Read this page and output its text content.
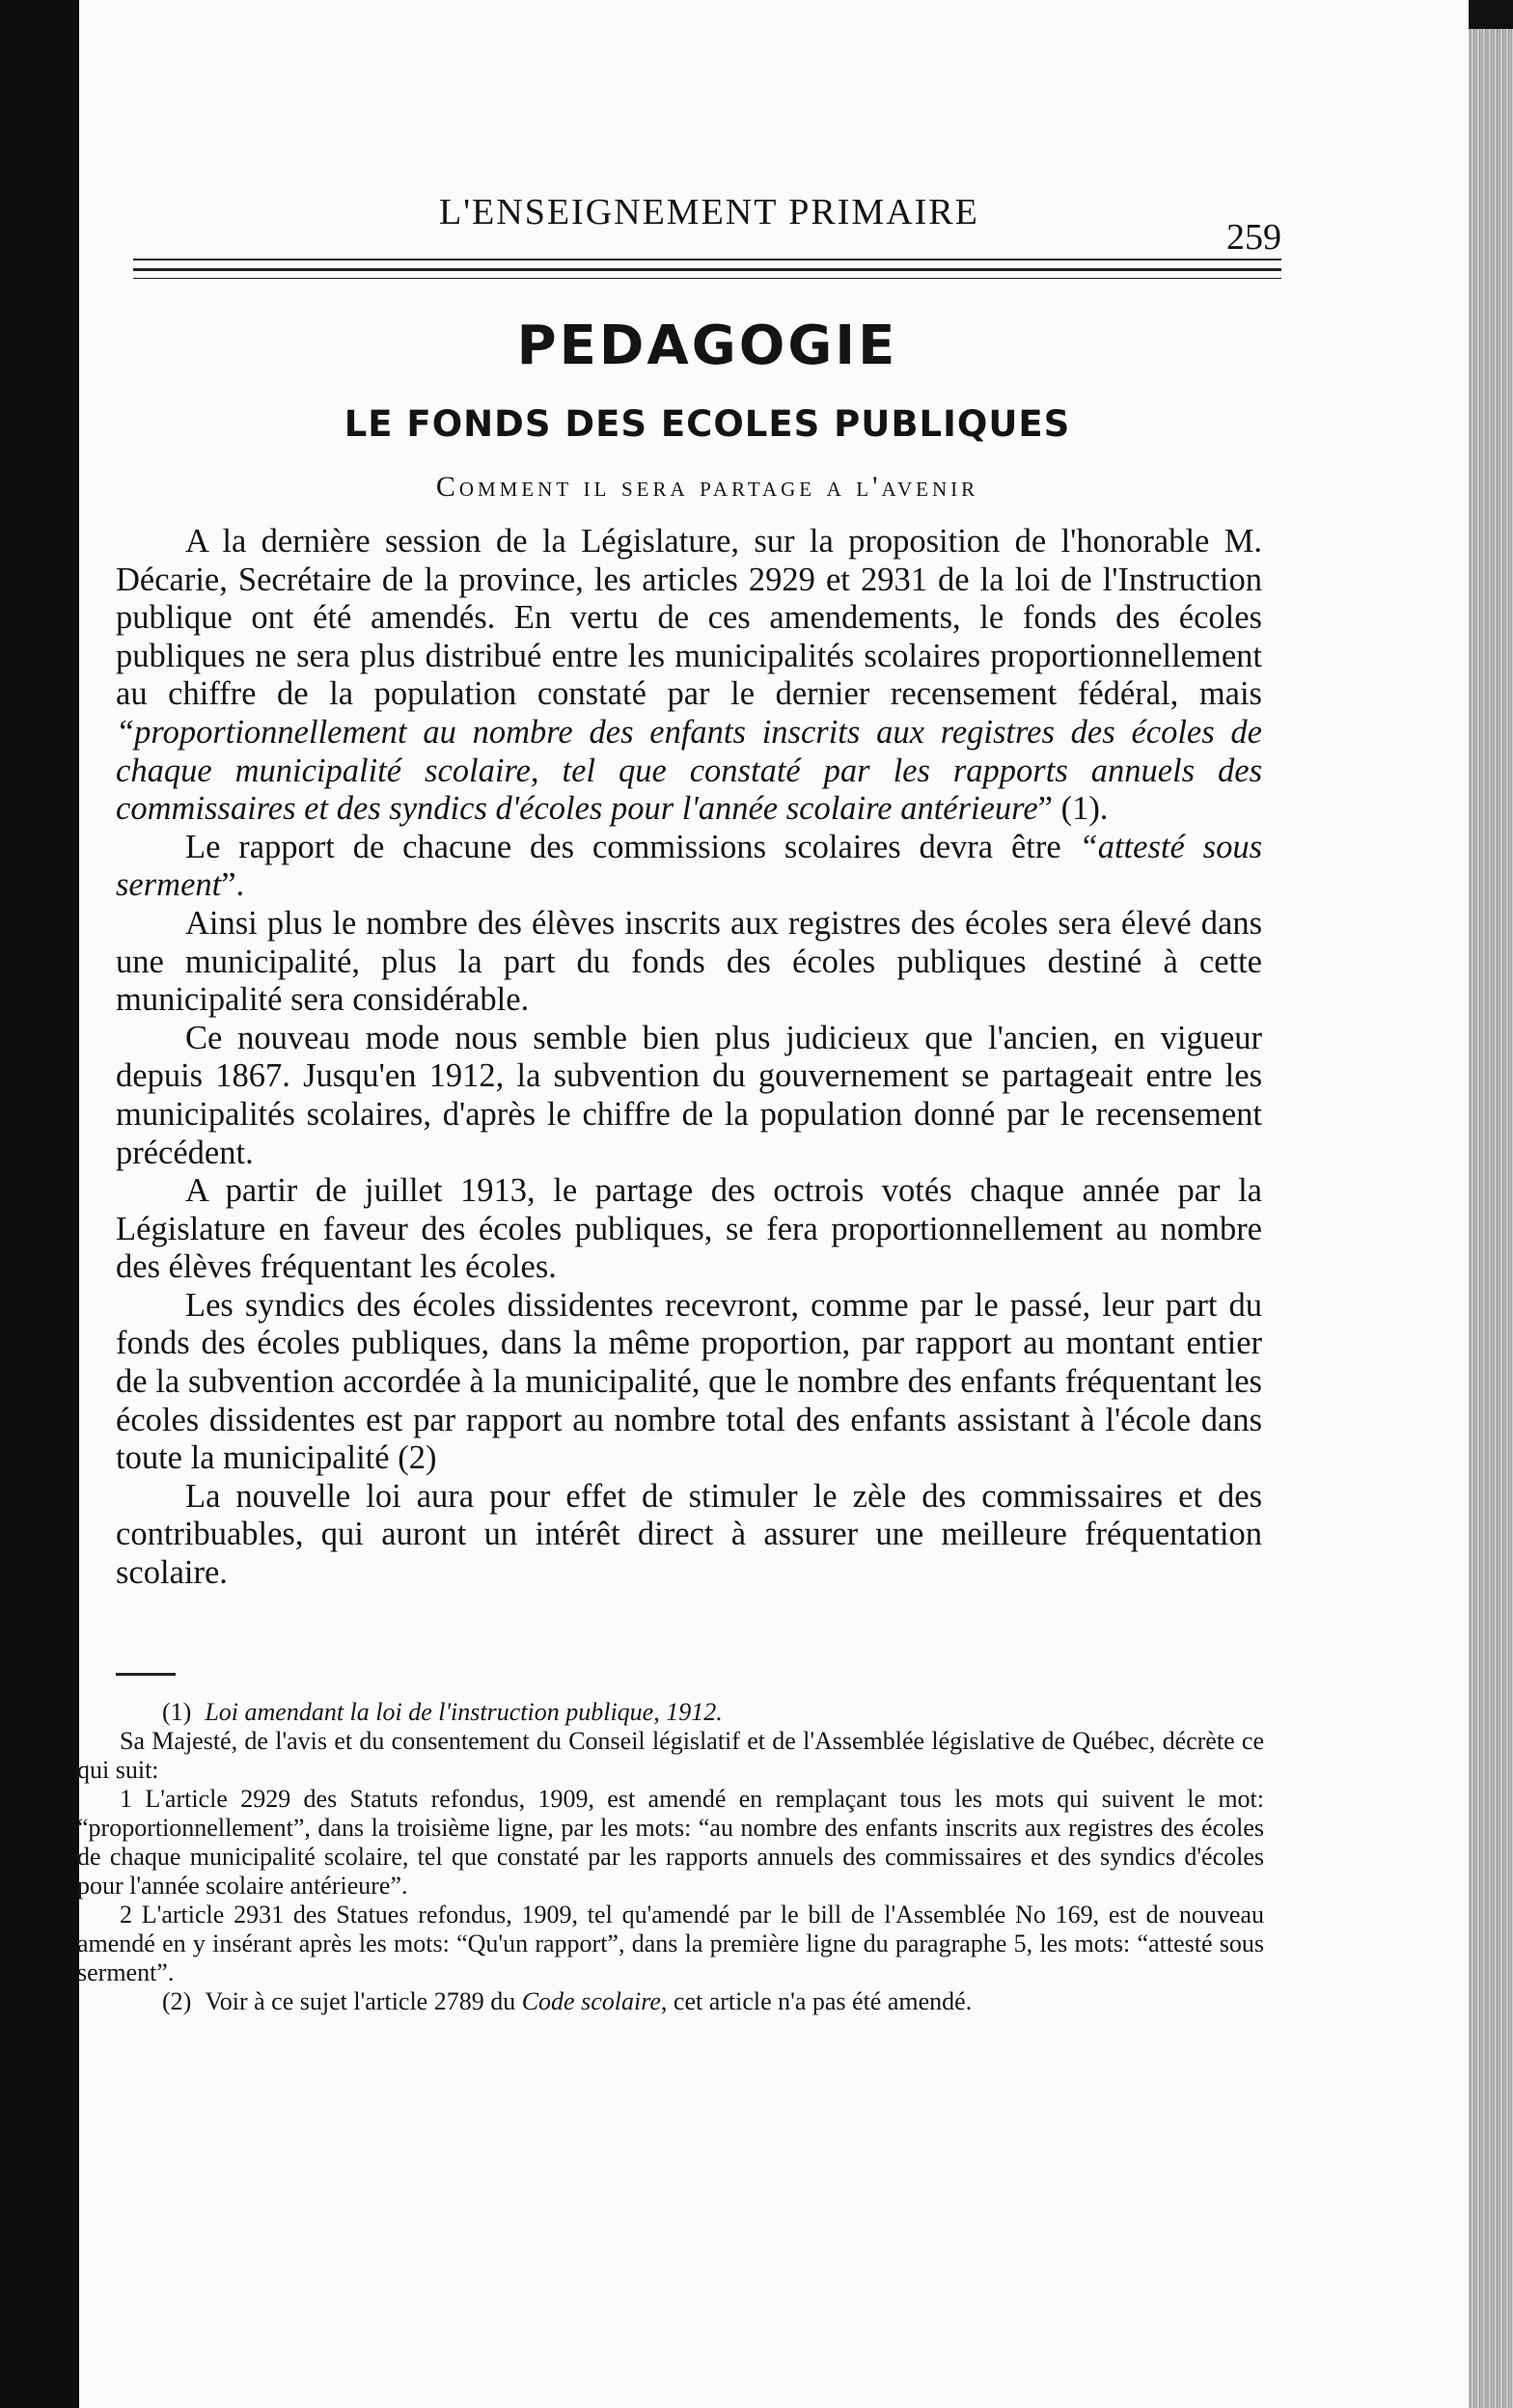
L'ENSEIGNEMENT PRIMAIRE
259
PEDAGOGIE
LE FONDS DES ECOLES PUBLIQUES
Comment il sera partage a l'avenir

A la dernière session de la Législature, sur la proposition de l'honorable M. Décarie, Secrétaire de la province, les articles 2929 et 2931 de la loi de l'Instruction publique ont été amendés. En vertu de ces amendements, le fonds des écoles publiques ne sera plus distribué entre les municipalités scolaires proportionnellement au chiffre de la population constaté par le dernier recensement fédéral, mais “proportionnellement au nombre des enfants inscrits aux registres des écoles de chaque municipalité scolaire, tel que constaté par les rapports annuels des commissaires et des syndics d'écoles pour l'année scolaire antérieure” (1).

Le rapport de chacune des commissions scolaires devra être “attesté sous serment”.

Ainsi plus le nombre des élèves inscrits aux registres des écoles sera élevé dans une municipalité, plus la part du fonds des écoles publiques destiné à cette municipalité sera considérable.

Ce nouveau mode nous semble bien plus judicieux que l'ancien, en vigueur depuis 1867. Jusqu'en 1912, la subvention du gouvernement se partageait entre les municipalités scolaires, d'après le chiffre de la population donné par le recensement précédent.

A partir de juillet 1913, le partage des octrois votés chaque année par la Législature en faveur des écoles publiques, se fera proportionnellement au nombre des élèves fréquentant les écoles.

Les syndics des écoles dissidentes recevront, comme par le passé, leur part du fonds des écoles publiques, dans la même proportion, par rapport au montant entier de la subvention accordée à la municipalité, que le nombre des enfants fréquentant les écoles dissidentes est par rapport au nombre total des enfants assistant à l'école dans toute la municipalité (2)

La nouvelle loi aura pour effet de stimuler le zèle des commissaires et des contribuables, qui auront un intérêt direct à assurer une meilleure fréquentation scolaire.

(1) Loi amendant la loi de l'instruction publique, 1912.

Sa Majesté, de l'avis et du consentement du Conseil législatif et de l'Assemblée législative de Québec, décrète ce qui suit:

1 L'article 2929 des Statuts refondus, 1909, est amendé en remplaçant tous les mots qui suivent le mot: “proportionnellement”, dans la troisième ligne, par les mots: “au nombre des enfants inscrits aux registres des écoles de chaque municipalité scolaire, tel que constaté par les rapports annuels des commissaires et des syndics d'écoles pour l'année scolaire antérieure”.

2 L'article 2931 des Statues refondus, 1909, tel qu'amendé par le bill de l'Assemblée No 169, est de nouveau amendé en y insérant après les mots: “Qu'un rapport”, dans la première ligne du paragraphe 5, les mots: “attesté sous serment”.

(2) Voir à ce sujet l'article 2789 du Code scolaire, cet article n'a pas été amendé.
